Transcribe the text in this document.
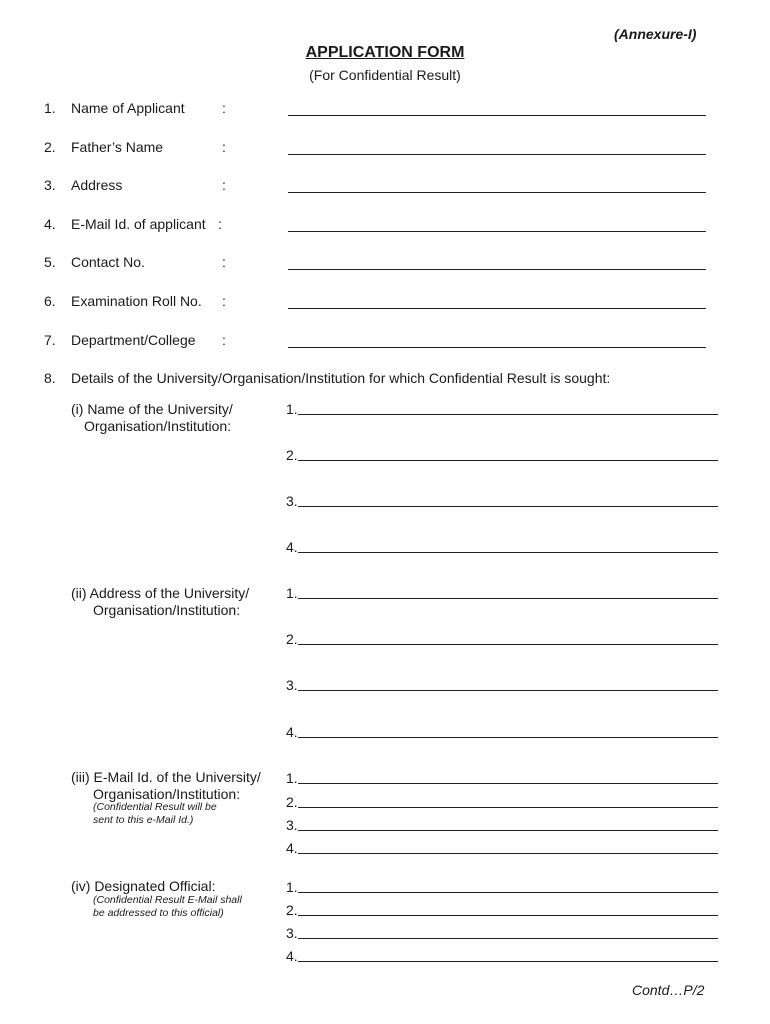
(Annexure-I)
APPLICATION FORM
(For Confidential Result)
1. Name of Applicant	:
2. Father’s Name	:
3. Address	:
4. E-Mail Id. of applicant :
5. Contact No.	:
6. Examination Roll No. :
7. Department/College :
8. Details of the University/Organisation/Institution for which Confidential Result is sought:
(i) Name of the University/
Organisation/Institution:
1.
2.
3.
4.
(ii) Address of the University/
Organisation/Institution:
1.
2.
3.
4.
(iii) E-Mail Id. of the University/
Organisation/Institution:
(Confidential Result will be
sent to this e-Mail Id.)
1.
2.
3.
4.
(iv) Designated Official:
(Confidential Result E-Mail shall
be addressed to this official)
1.
2.
3.
4.
Contd…P/2
